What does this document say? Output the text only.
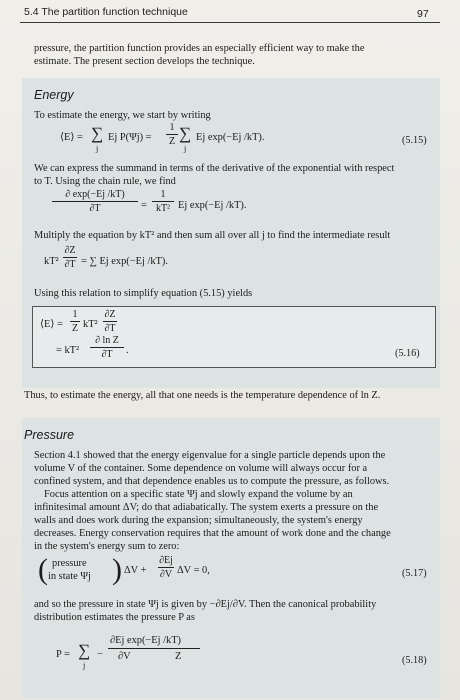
5.4 The partition function technique	97
pressure, the partition function provides an especially efficient way to make the
estimate. The present section develops the technique.
Energy
To estimate the energy, we start by writing
⟨E⟩ = ∑
j
Ej P(Ψj) =
1
Z ∑
j
Ej exp(−Ej /kT).	(5.15)
We can express the summand in terms of the derivative of the exponential with respect
to T. Using the chain rule, we find
∂ exp(−Ej /kT)
∂T	=
1
kT² Ej exp(−Ej /kT).
Multiply the equation by kT² and then sum all over all j to find the intermediate result
kT²
∂Z
∂T = ∑ Ej exp(−Ej /kT).
Using this relation to simplify equation (5.15) yields
⟨E⟩ =
1
Z kT²
∂Z
∂T
= kT²
∂ ln Z
∂T	.	(5.16)
Thus, to estimate the energy, all that one needs is the temperature dependence of ln Z.
Pressure
Section 4.1 showed that the energy eigenvalue for a single particle depends upon the
volume V of the container. Some dependence on volume will always occur for a
confined system, and that dependence enables us to compute the pressure, as follows.
Focus attention on a specific state Ψj and slowly expand the volume by an
infinitesimal amount ΔV; do that adiabatically. The system exerts a pressure on the
walls and does work during the expansion; simultaneously, the system's energy
decreases. Energy conservation requires that the amount of work done and the change
in the system's energy sum to zero:
( pressure
in state Ψj ) ΔV +
∂Ej
∂V ΔV = 0,	(5.17)
and so the pressure in state Ψj is given by −∂Ej/∂V. Then the canonical probability
distribution estimates the pressure P as
P = ∑
j
−
∂Ej exp(−Ej /kT)
∂V	Z	(5.18)
